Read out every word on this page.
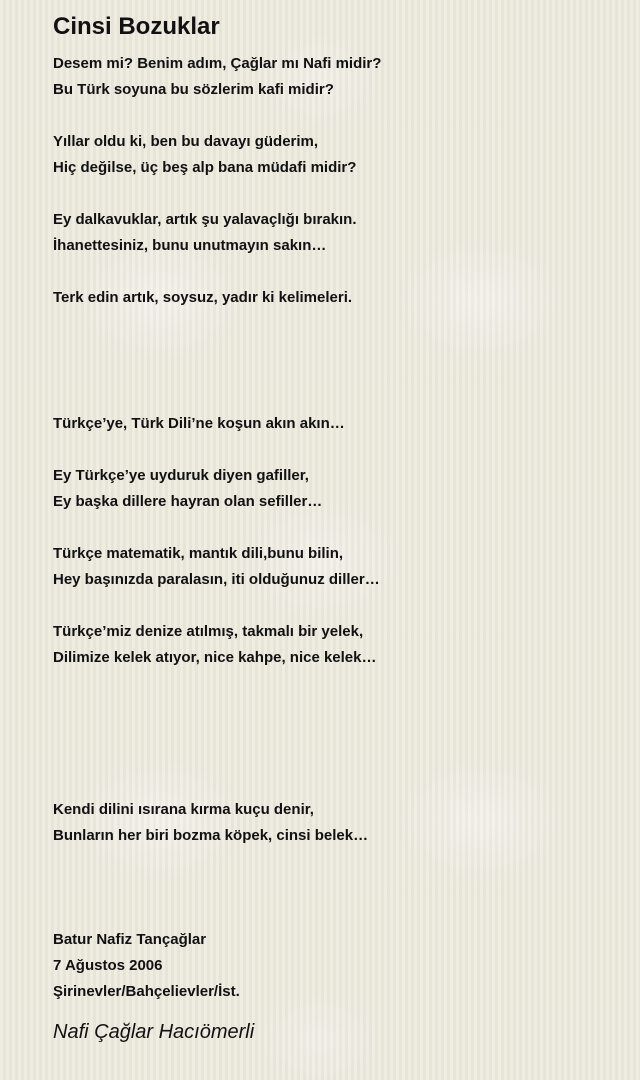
Cinsi Bozuklar
Desem mi? Benim adım, Çağlar mı Nafi midir?
Bu Türk soyuna bu sözlerim kafi midir?
Yıllar oldu ki, ben bu davayı güderim,
Hiç değilse, üç beş alp bana müdafi midir?
Ey dalkavuklar, artık şu yalavaçlığı bırakın.
İhanettesiniz, bunu unutmayın sakın…
Terk edin artık, soysuz, yadır ki kelimeleri.
Türkçe’ye, Türk Dili’ne koşun akın akın…
Ey Türkçe’ye uyduruk diyen gafiller,
Ey başka dillere hayran olan sefiller…
Türkçe matematik, mantık dili,bunu bilin,
Hey başınızda paralasın, iti olduğunuz diller…
Türkçe’miz denize atılmış, takmalı bir yelek,
Dilimize kelek atıyor, nice kahpe, nice kelek…
Kendi dilini ısırana kırma kuçu denir,
Bunların her biri bozma köpek, cinsi belek…
Batur Nafiz Tançağlar
7 Ağustos 2006
Şirinevler/Bahçelievler/İst.
Nafi Çağlar Hacıömerli
